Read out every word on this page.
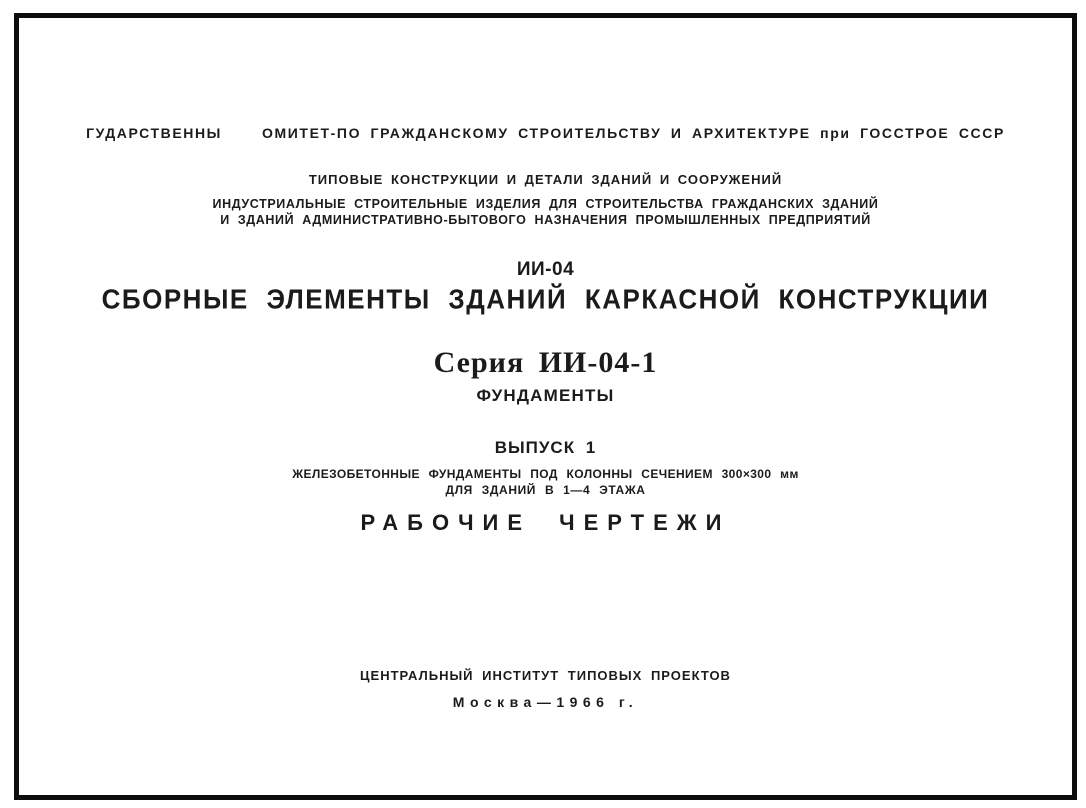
ГУДАРСТВЕННЫ	ОМИТЕТ-ПО ГРАЖДАНСКОМУ СТРОИТЕЛЬСТВУ И АРХИТЕКТУРЕ при ГОССТРОЕ СССР
ТИПОВЫЕ КОНСТРУКЦИИ И ДЕТАЛИ ЗДАНИЙ И СООРУЖЕНИЙ
ИНДУСТРИАЛЬНЫЕ СТРОИТЕЛЬНЫЕ ИЗДЕЛИЯ ДЛЯ СТРОИТЕЛЬСТВА ГРАЖДАНСКИХ ЗДАНИЙ
И ЗДАНИЙ АДМИНИСТРАТИВНО-БЫТОВОГО НАЗНАЧЕНИЯ ПРОМЫШЛЕННЫХ ПРЕДПРИЯТИЙ
ИИ-04
СБОРНЫЕ ЭЛЕМЕНТЫ ЗДАНИЙ КАРКАСНОЙ КОНСТРУКЦИИ
Серия ИИ-04-1
ФУНДАМЕНТЫ
ВЫПУСК 1
ЖЕЛЕЗОБЕТОННЫЕ ФУНДАМЕНТЫ ПОД КОЛОННЫ СЕЧЕНИЕМ 300×300 мм
ДЛЯ ЗДАНИЙ В 1—4 ЭТАЖА
РАБОЧИЕ ЧЕРТЕЖИ
ЦЕНТРАЛЬНЫЙ ИНСТИТУТ ТИПОВЫХ ПРОЕКТОВ
Москва—1966 г.
